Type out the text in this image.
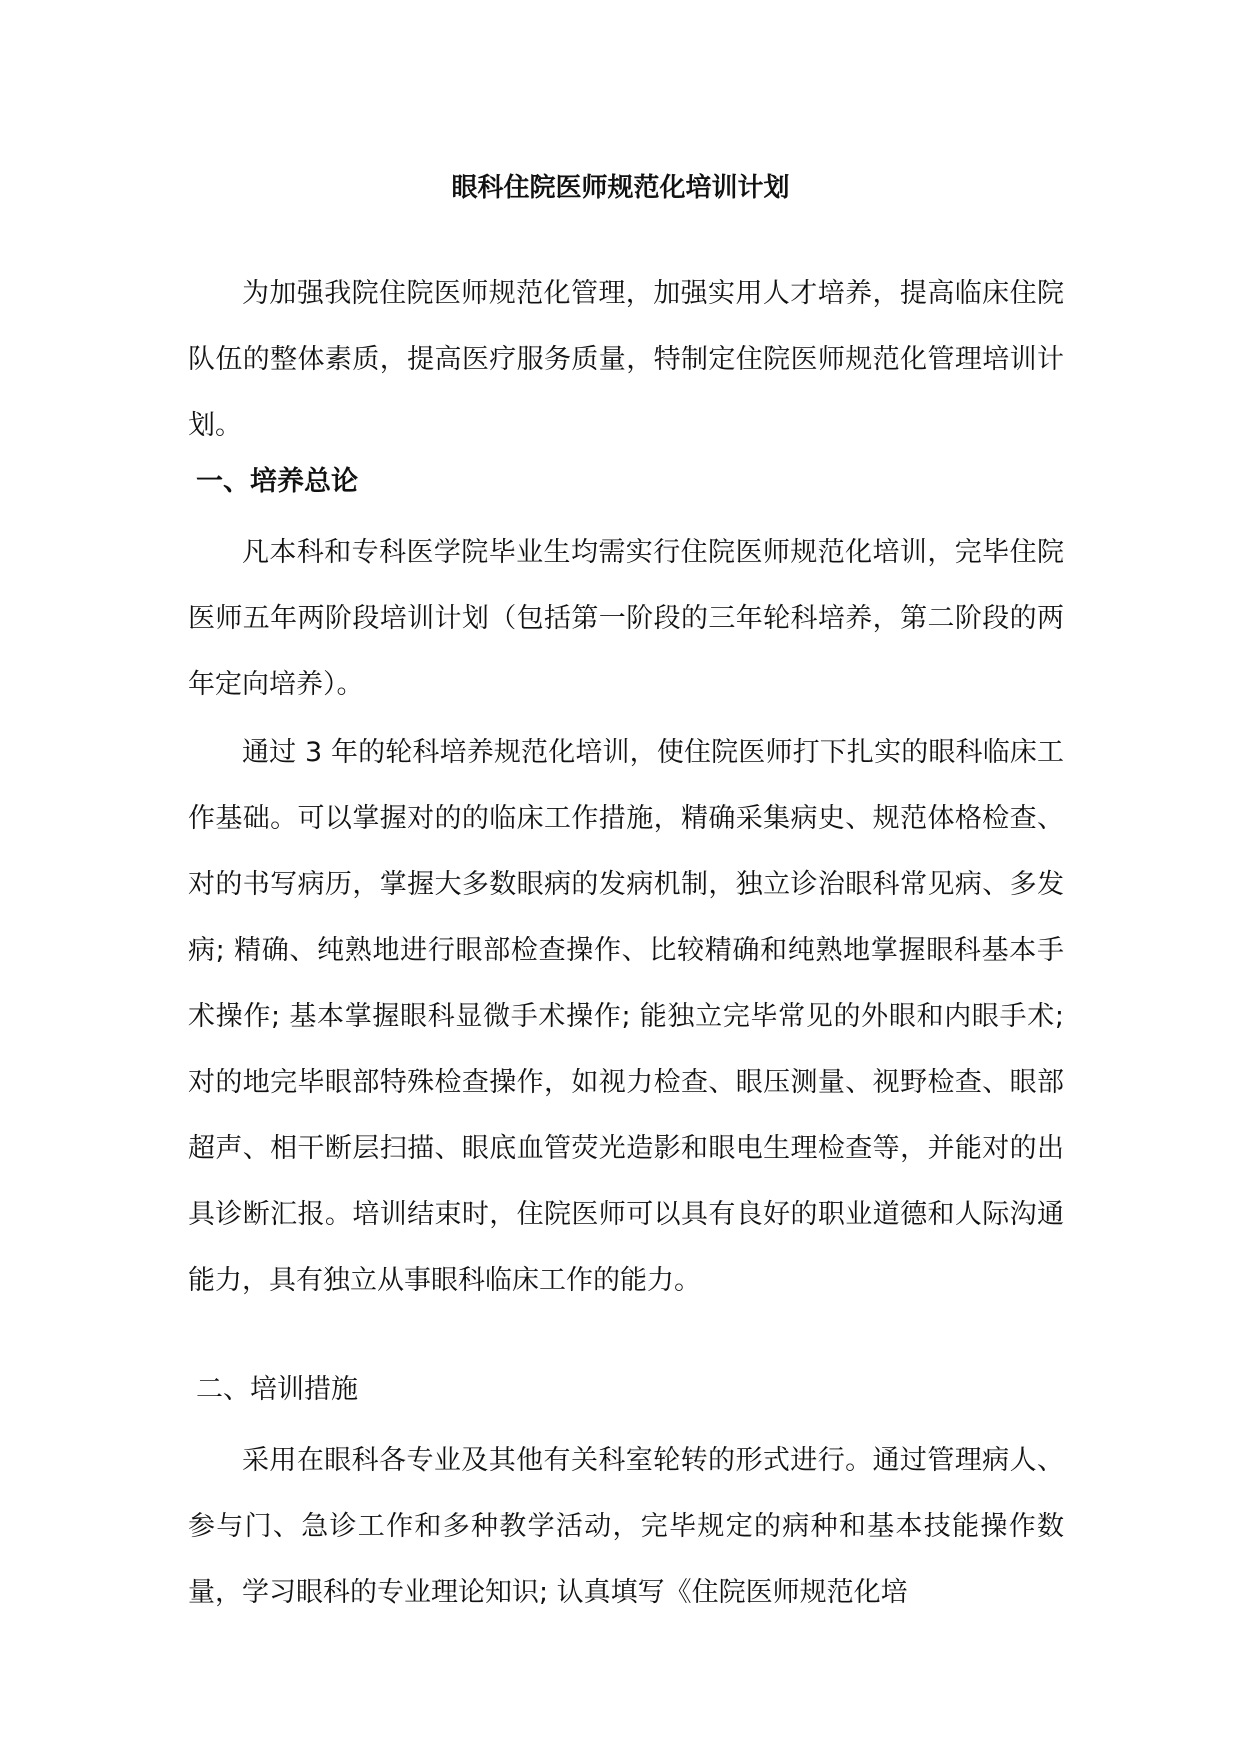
眼科住院医师规范化培训计划

为加强我院住院医师规范化管理，加强实用人才培养，提高临床住院队伍的整体素质，提高医疗服务质量，特制定住院医师规范化管理培训计划。

一、培养总论

凡本科和专科医学院毕业生均需实行住院医师规范化培训，完毕住院医师五年两阶段培训计划（包括第一阶段的三年轮科培养，第二阶段的两年定向培养）。

通过 3 年的轮科培养规范化培训，使住院医师打下扎实的眼科临床工作基础。可以掌握对的的临床工作措施，精确采集病史、规范体格检查、对的书写病历，掌握大多数眼病的发病机制，独立诊治眼科常见病、多发病; 精确、纯熟地进行眼部检查操作、比较精确和纯熟地掌握眼科基本手术操作; 基本掌握眼科显微手术操作; 能独立完毕常见的外眼和内眼手术; 对的地完毕眼部特殊检查操作，如视力检查、眼压测量、视野检查、眼部超声、相干断层扫描、眼底血管荧光造影和眼电生理检查等，并能对的出具诊断汇报。培训结束时，住院医师可以具有良好的职业道德和人际沟通能力，具有独立从事眼科临床工作的能力。

二、培训措施

采用在眼科各专业及其他有关科室轮转的形式进行。通过管理病人、参与门、急诊工作和多种教学活动，完毕规定的病种和基本技能操作数量，学习眼科的专业理论知识; 认真填写《住院医师规范化培
